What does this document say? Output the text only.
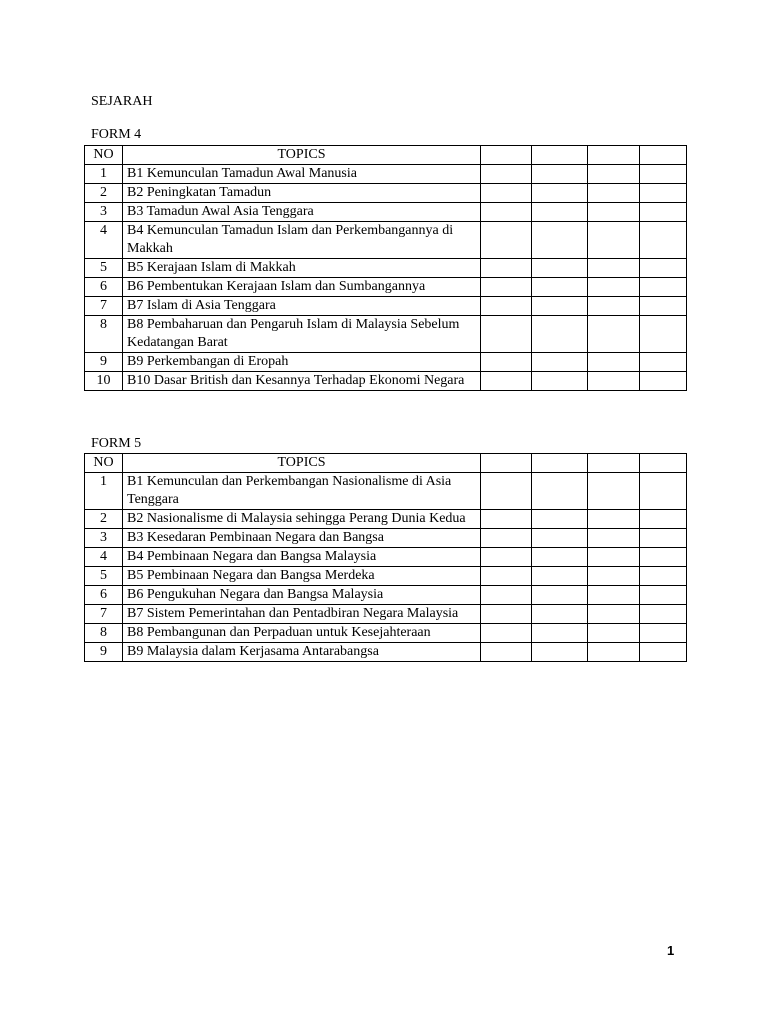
SEJARAH
FORM 4
NO	TOPICS				
1	B1 Kemunculan Tamadun Awal Manusia				
2	B2 Peningkatan Tamadun				
3	B3 Tamadun Awal Asia Tenggara				
4	B4 Kemunculan Tamadun Islam dan Perkembangannya di Makkah				
5	B5 Kerajaan Islam di Makkah				
6	B6 Pembentukan Kerajaan Islam dan Sumbangannya				
7	B7 Islam di Asia Tenggara				
8	B8 Pembaharuan dan Pengaruh Islam di Malaysia Sebelum Kedatangan Barat				
9	B9 Perkembangan di Eropah				
10	B10 Dasar British dan Kesannya Terhadap Ekonomi Negara				
FORM 5
NO	TOPICS				
1	B1 Kemunculan dan Perkembangan Nasionalisme di Asia Tenggara				
2	B2 Nasionalisme di Malaysia sehingga Perang Dunia Kedua				
3	B3 Kesedaran Pembinaan Negara dan Bangsa				
4	B4 Pembinaan Negara dan Bangsa Malaysia				
5	B5 Pembinaan Negara dan Bangsa Merdeka				
6	B6 Pengukuhan Negara dan Bangsa Malaysia				
7	B7 Sistem Pemerintahan dan Pentadbiran Negara Malaysia				
8	B8 Pembangunan dan Perpaduan untuk Kesejahteraan				
9	B9 Malaysia dalam Kerjasama Antarabangsa				
1
